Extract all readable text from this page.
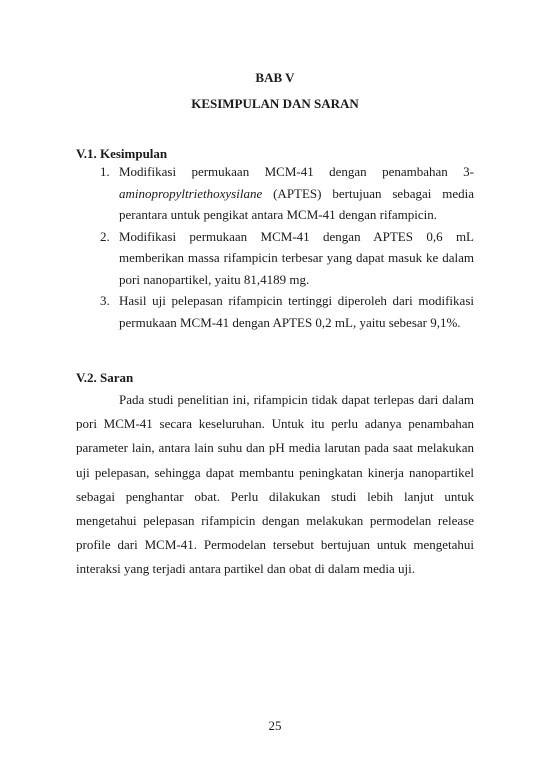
BAB V
KESIMPULAN DAN SARAN
V.1. Kesimpulan
1. Modifikasi permukaan MCM-41 dengan penambahan 3- aminopropyltriethoxysilane (APTES) bertujuan sebagai media perantara untuk pengikat antara MCM-41 dengan rifampicin.
2. Modifikasi permukaan MCM-41 dengan APTES 0,6 mL memberikan massa rifampicin terbesar yang dapat masuk ke dalam pori nanopartikel, yaitu 81,4189 mg.
3. Hasil uji pelepasan rifampicin tertinggi diperoleh dari modifikasi permukaan MCM-41 dengan APTES 0,2 mL, yaitu sebesar 9,1%.
V.2. Saran
Pada studi penelitian ini, rifampicin tidak dapat terlepas dari dalam pori MCM-41 secara keseluruhan. Untuk itu perlu adanya penambahan parameter lain, antara lain suhu dan pH media larutan pada saat melakukan uji pelepasan, sehingga dapat membantu peningkatan kinerja nanopartikel sebagai penghantar obat. Perlu dilakukan studi lebih lanjut untuk mengetahui pelepasan rifampicin dengan melakukan permodelan release profile dari MCM-41. Permodelan tersebut bertujuan untuk mengetahui interaksi yang terjadi antara partikel dan obat di dalam media uji.
25
